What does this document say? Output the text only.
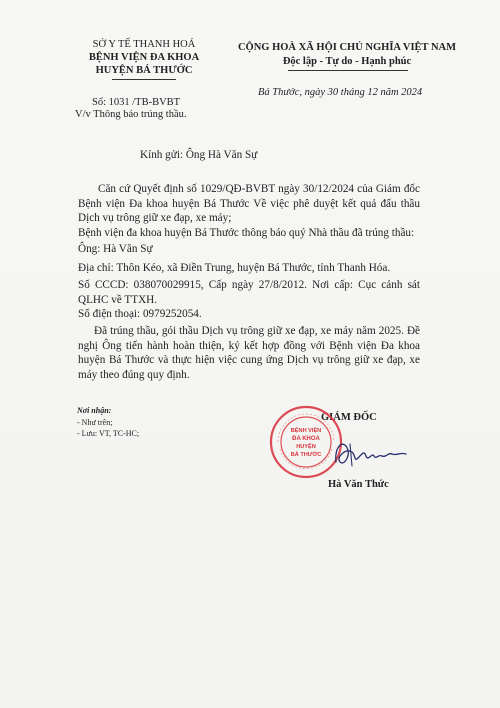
SỞ Y TẾ THANH HOÁ
BỆNH VIỆN ĐA KHOA
HUYỆN BÁ THƯỚC
CỘNG HOÀ XÃ HỘI CHỦ NGHĨA VIỆT NAM
Độc lập - Tự do - Hạnh phúc
Số: 1031 /TB-BVBT
V/v Thông báo trúng thầu.
Bá Thước, ngày 30 tháng 12 năm 2024
Kính gửi: Ông Hà Văn Sự
Căn cứ Quyết định số 1029/QĐ-BVBT ngày 30/12/2024 của Giám đốc Bệnh viện Đa khoa huyện Bá Thước Về việc phê duyệt kết quả đấu thầu Dịch vụ trông giữ xe đạp, xe máy;
Bệnh viện đa khoa huyện Bá Thước thông báo quý Nhà thầu đã trúng thầu:
Ông: Hà Văn Sự
Địa chỉ: Thôn Kéo, xã Điền Trung, huyện Bá Thước, tỉnh Thanh Hóa.
Số CCCD: 038070029915, Cấp ngày 27/8/2012. Nơi cấp: Cục cảnh sát QLHC về TTXH.
Số điện thoại: 0979252054.
Đã trúng thầu, gói thầu Dịch vụ trông giữ xe đạp, xe máy năm 2025. Đề nghị Ông tiến hành hoàn thiện, ký kết hợp đồng với Bệnh viện Đa khoa huyện Bá Thước và thực hiện việc cung ứng Dịch vụ trông giữ xe đạp, xe máy theo đúng quy định.
Nơi nhận:
- Như trên;
- Lưu: VT, TC-HC;
GIÁM ĐỐC
Hà Văn Thức
BỆNH VIỆN
ĐA KHOA
HUYỆN
BÁ THƯỚC
